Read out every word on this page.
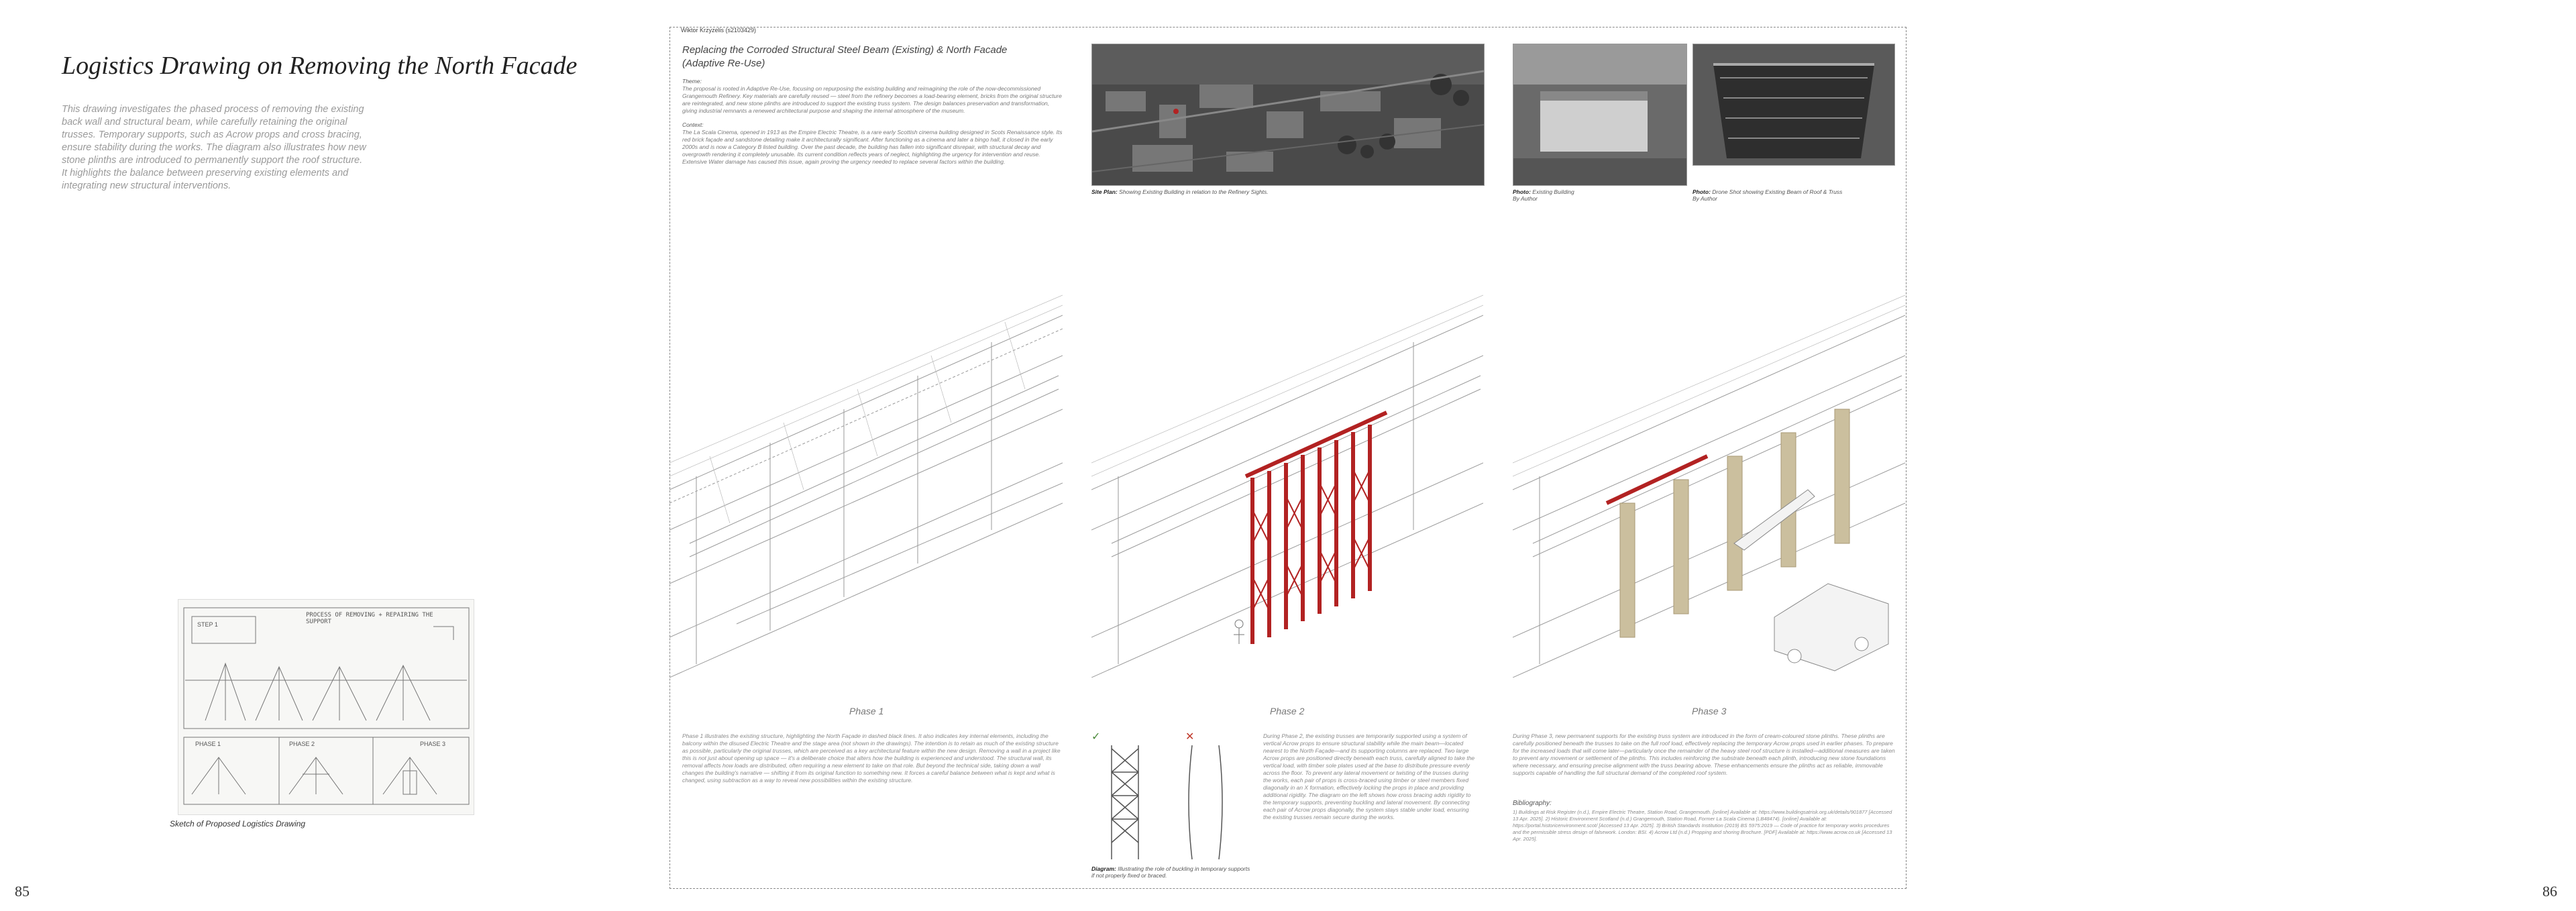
Logistics Drawing on Removing the North Facade
This drawing investigates the phased process of removing the existing back wall and structural beam, while carefully retaining the original trusses. Temporary supports, such as Acrow props and cross bracing, ensure stability during the works. The diagram also illustrates how new stone plinths are introduced to permanently support the roof structure. It highlights the balance between preserving existing elements and integrating new structural interventions.
PROCESS OF REMOVING + REPAIRING THE SUPPORT
STEP 1
PHASE 1	PHASE 2	PHASE 3
Sketch of Proposed Logistics Drawing
85
Wiktor Krzyzelis (s2103429)
86
Replacing the Corroded Structural Steel Beam (Existing) & North Facade
(Adaptive Re-Use)
Theme:
The proposal is rooted in Adaptive Re-Use, focusing on repurposing the existing building and reimagining the role of the now-decommissioned Grangemouth Refinery. Key materials are carefully reused — steel from the refinery becomes a load-bearing element, bricks from the original structure are reintegrated, and new stone plinths are introduced to support the existing truss system. The design balances preservation and transformation, giving industrial remnants a renewed architectural purpose and shaping the internal atmosphere of the museum.
Context:
The La Scala Cinema, opened in 1913 as the Empire Electric Theatre, is a rare early Scottish cinema building designed in Scots Renaissance style. Its red brick façade and sandstone detailing make it architecturally significant. After functioning as a cinema and later a bingo hall, it closed in the early 2000s and is now a Category B listed building. Over the past decade, the building has fallen into significant disrepair, with structural decay and overgrowth rendering it completely unusable. Its current condition reflects years of neglect, highlighting the urgency for intervention and reuse. Extensive Water damage has caused this issue, again proving the urgency needed to replace several factors within the building.
Site Plan: Showing Existing Building in relation to the Refinery Sights.	Photo: Existing Building
By Author
Photo: Drone Shot showing Existing Beam of Roof & Truss
By Author
Phase 1	Phase 2	Phase 3
Phase 1 illustrates the existing structure, highlighting the North Façade in dashed black lines. It also indicates key internal elements, including the balcony within the disused Electric Theatre and the stage area (not shown in the drawings). The intention is to retain as much of the existing structure as possible, particularly the original trusses, which are perceived as a key architectural feature within the new design. Removing a wall in a project like this is not just about opening up space — it's a deliberate choice that alters how the building is experienced and understood. The structural wall, its removal affects how loads are distributed, often requiring a new element to take on that role. But beyond the technical side, taking down a wall changes the building's narrative — shifting it from its original function to something new. It forces a careful balance between what is kept and what is changed, using subtraction as a way to reveal new possibilities within the existing structure.
During Phase 2, the existing trusses are temporarily supported using a system of vertical Acrow props to ensure structural stability while the main beam—located nearest to the North Façade—and its supporting columns are replaced. Two large Acrow props are positioned directly beneath each truss, carefully aligned to take the vertical load, with timber sole plates used at the base to distribute pressure evenly across the floor. To prevent any lateral movement or twisting of the trusses during the works, each pair of props is cross-braced using timber or steel members fixed diagonally in an X formation, effectively locking the props in place and providing additional rigidity. The diagram on the left shows how cross bracing adds rigidity to the temporary supports, preventing buckling and lateral movement. By connecting each pair of Acrow props diagonally, the system stays stable under load, ensuring the existing trusses remain secure during the works.
During Phase 3, new permanent supports for the existing truss system are introduced in the form of cream-coloured stone plinths. These plinths are carefully positioned beneath the trusses to take on the full roof load, effectively replacing the temporary Acrow props used in earlier phases. To prepare for the increased loads that will come later—particularly once the remainder of the heavy steel roof structure is installed—additional measures are taken to prevent any movement or settlement of the plinths. This includes reinforcing the substrate beneath each plinth, introducing new stone foundations where necessary, and ensuring precise alignment with the truss bearing above. These enhancements ensure the plinths act as reliable, immovable supports capable of handling the full structural demand of the completed roof system.
✓	✕
Diagram: Illustrating the role of buckling in temporary supports if not properly fixed or braced.
Bibliography:
1) Buildings at Risk Register (n.d.), Empire Electric Theatre, Station Road, Grangemouth. [online] Available at: https://www.buildingsatrisk.org.uk/details/901877 [Accessed 13 Apr. 2025]. 2) Historic Environment Scotland (n.d.) Grangemouth, Station Road, Former La Scala Cinema (LB48474). [online] Available at: https://portal.historicenvironment.scot/ [Accessed 13 Apr. 2025]. 3) British Standards Institution (2019) BS 5975:2019 — Code of practice for temporary works procedures and the permissible stress design of falsework. London: BSI. 4) Acrow Ltd (n.d.) Propping and shoring Brochure. [PDF] Available at: https://www.acrow.co.uk [Accessed 13 Apr. 2025].
